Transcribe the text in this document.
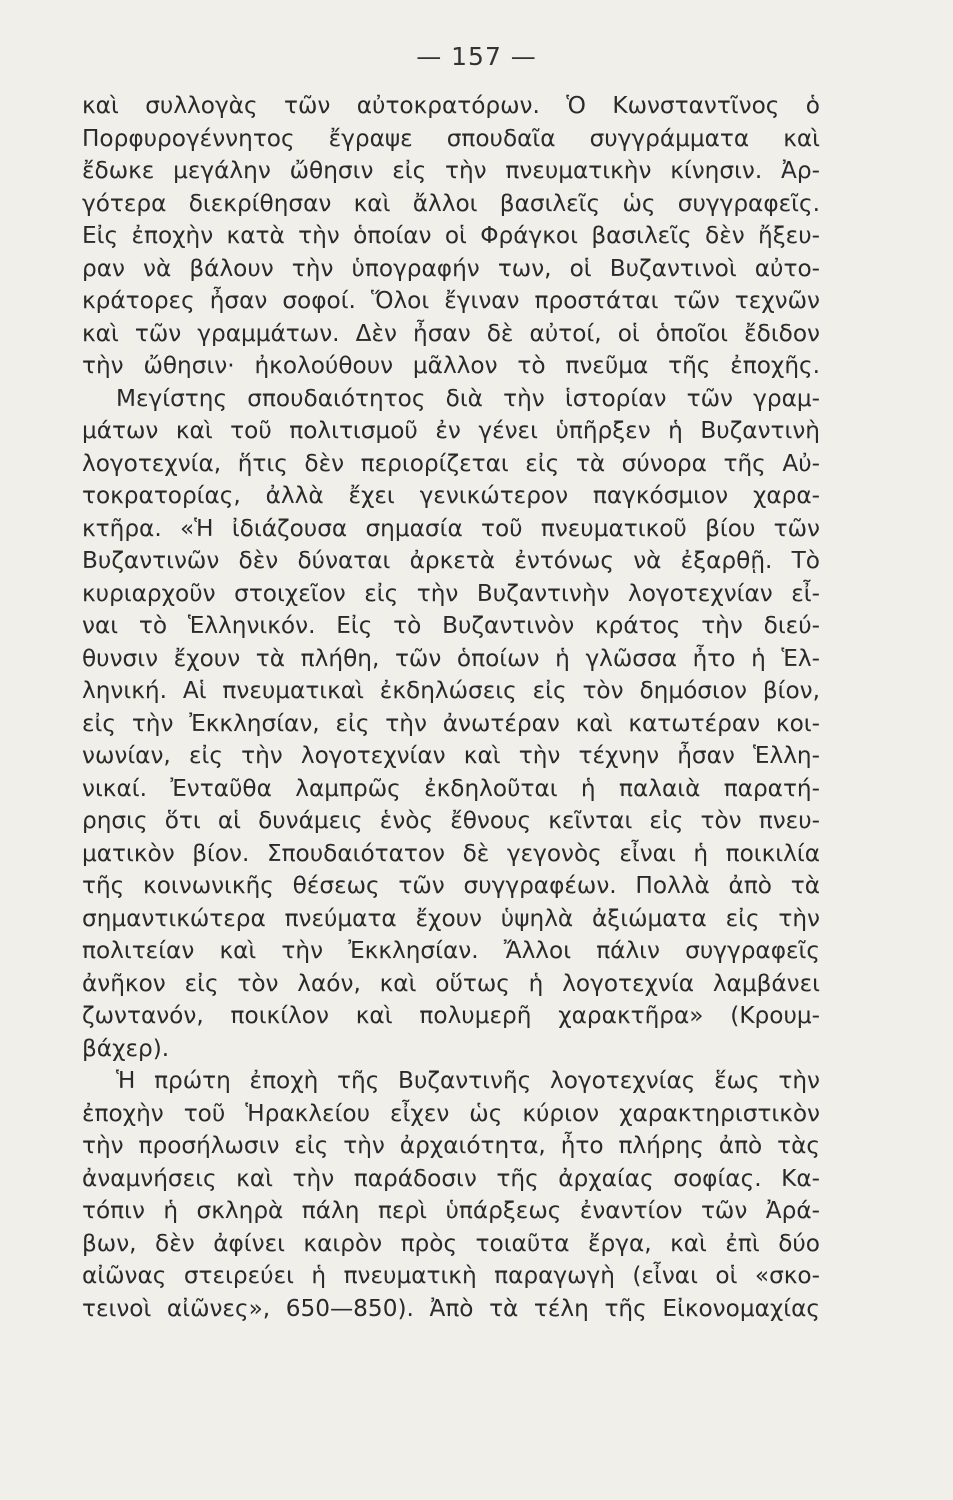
— 157 —
καὶ συλλογὰς τῶν αὐτοκρατόρων. Ὁ Κωνσταντῖνος ὁ
Πορφυρογέννητος ἔγραψε σπουδαῖα συγγράμματα καὶ
ἔδωκε μεγάλην ὤθησιν εἰς τὴν πνευματικὴν κίνησιν. Ἀρ-
γότερα διεκρίθησαν καὶ ἄλλοι βασιλεῖς ὡς συγγραφεῖς.
Εἰς ἐποχὴν κατὰ τὴν ὁποίαν οἱ Φράγκοι βασιλεῖς δὲν ἤξευ-
ραν νὰ βάλουν τὴν ὑπογραφήν των, οἱ Βυζαντινοὶ αὐτο-
κράτορες ἦσαν σοφοί. Ὅλοι ἔγιναν προστάται τῶν τεχνῶν
καὶ τῶν γραμμάτων. Δὲν ἦσαν δὲ αὐτοί, οἱ ὁποῖοι ἔδιδον
τὴν ὤθησιν· ἠκολούθουν μᾶλλον τὸ πνεῦμα τῆς ἐποχῆς.
Μεγίστης σπουδαιότητος διὰ τὴν ἱστορίαν τῶν γραμ-
μάτων καὶ τοῦ πολιτισμοῦ ἐν γένει ὑπῆρξεν ἡ Βυζαντινὴ
λογοτεχνία, ἥτις δὲν περιορίζεται εἰς τὰ σύνορα τῆς Αὐ-
τοκρατορίας, ἀλλὰ ἔχει γενικώτερον παγκόσμιον χαρα-
κτῆρα. «Ἡ ἰδιάζουσα σημασία τοῦ πνευματικοῦ βίου τῶν
Βυζαντινῶν δὲν δύναται ἀρκετὰ ἐντόνως νὰ ἐξαρθῇ. Τὸ
κυριαρχοῦν στοιχεῖον εἰς τὴν Βυζαντινὴν λογοτεχνίαν εἶ-
ναι τὸ Ἑλληνικόν. Εἰς τὸ Βυζαντινὸν κράτος τὴν διεύ-
θυνσιν ἔχουν τὰ πλήθη, τῶν ὁποίων ἡ γλῶσσα ἦτο ἡ Ἑλ-
ληνική. Αἱ πνευματικαὶ ἐκδηλώσεις εἰς τὸν δημόσιον βίον,
εἰς τὴν Ἐκκλησίαν, εἰς τὴν ἀνωτέραν καὶ κατωτέραν κοι-
νωνίαν, εἰς τὴν λογοτεχνίαν καὶ τὴν τέχνην ἦσαν Ἑλλη-
νικαί. Ἐνταῦθα λαμπρῶς ἐκδηλοῦται ἡ παλαιὰ παρατή-
ρησις ὅτι αἱ δυνάμεις ἑνὸς ἔθνους κεῖνται εἰς τὸν πνευ-
ματικὸν βίον. Σπουδαιότατον δὲ γεγονὸς εἶναι ἡ ποικιλία
τῆς κοινωνικῆς θέσεως τῶν συγγραφέων. Πολλὰ ἀπὸ τὰ
σημαντικώτερα πνεύματα ἔχουν ὑψηλὰ ἀξιώματα εἰς τὴν
πολιτείαν καὶ τὴν Ἐκκλησίαν. Ἄλλοι πάλιν συγγραφεῖς
ἀνῆκον εἰς τὸν λαόν, καὶ οὕτως ἡ λογοτεχνία λαμβάνει
ζωντανόν, ποικίλον καὶ πολυμερῆ χαρακτῆρα» (Κρουμ-
βάχερ).
Ἡ πρώτη ἐποχὴ τῆς Βυζαντινῆς λογοτεχνίας ἕως τὴν
ἐποχὴν τοῦ Ἡρακλείου εἶχεν ὡς κύριον χαρακτηριστικὸν
τὴν προσήλωσιν εἰς τὴν ἀρχαιότητα, ἦτο πλήρης ἀπὸ τὰς
ἀναμνήσεις καὶ τὴν παράδοσιν τῆς ἀρχαίας σοφίας. Κα-
τόπιν ἡ σκληρὰ πάλη περὶ ὑπάρξεως ἐναντίον τῶν Ἀρά-
βων, δὲν ἀφίνει καιρὸν πρὸς τοιαῦτα ἔργα, καὶ ἐπὶ δύο
αἰῶνας στειρεύει ἡ πνευματικὴ παραγωγὴ (εἶναι οἱ «σκο-
τεινοὶ αἰῶνες», 650—850). Ἀπὸ τὰ τέλη τῆς Εἰκονομαχίας
